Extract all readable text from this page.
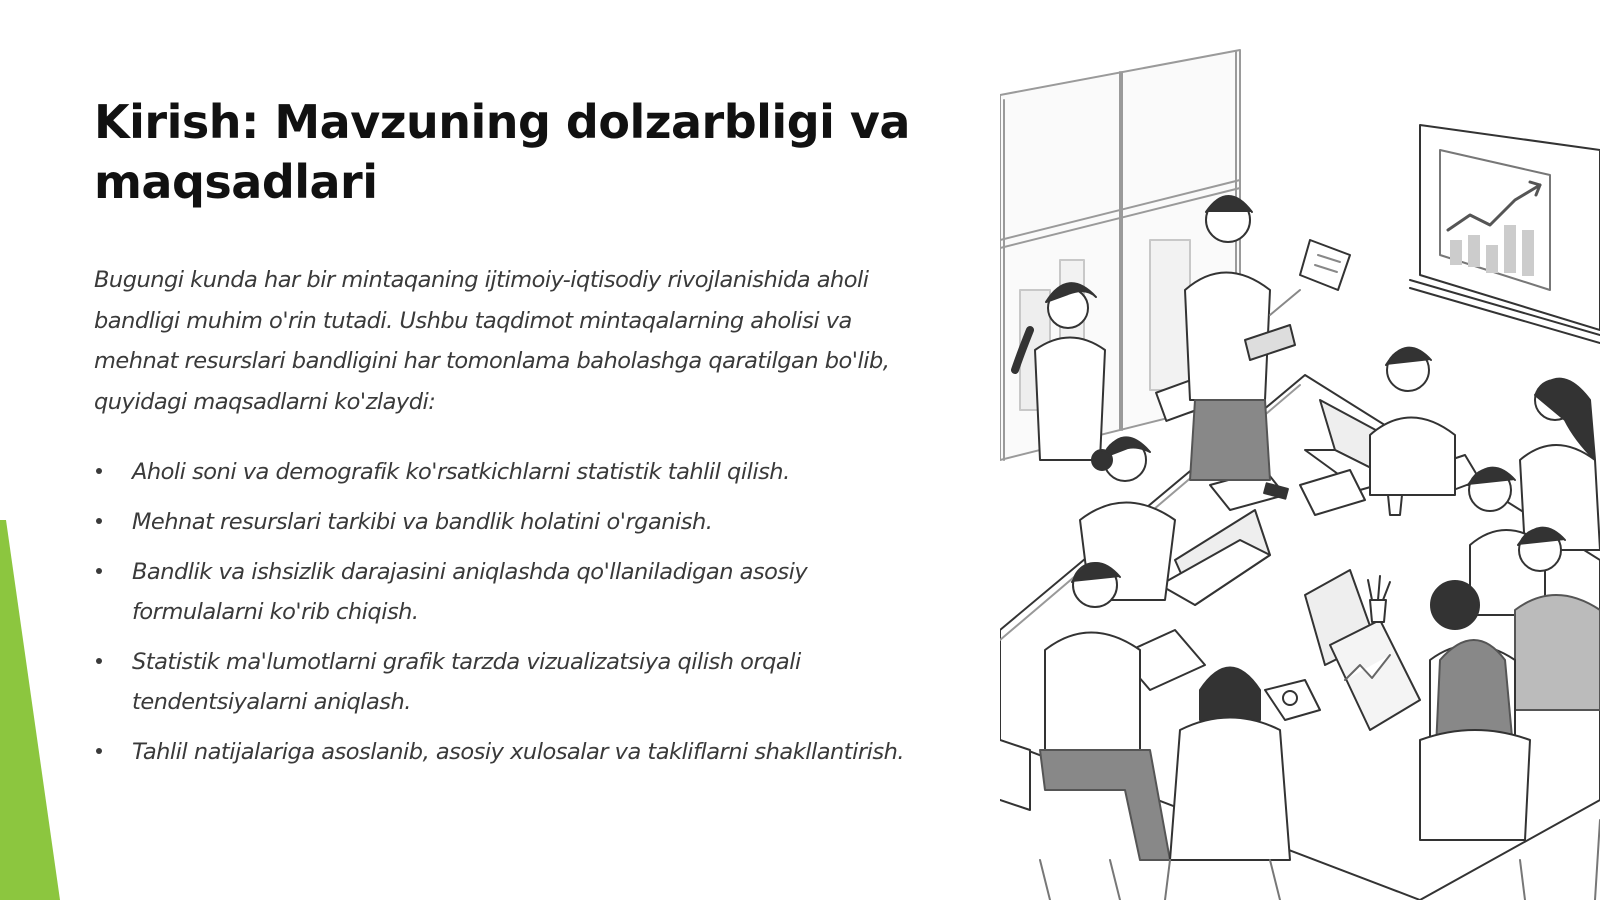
Kirish: Mavzuning dolzarbligi va maqsadlari

Bugungi kunda har bir mintaqaning ijtimoiy-iqtisodiy rivojlanishida aholi bandligi muhim o'rin tutadi. Ushbu taqdimot mintaqalarning aholisi va mehnat resurslari bandligini har tomonlama baholashga qaratilgan bo'lib, quyidagi maqsadlarni ko'zlaydi:

Aholi soni va demografik ko'rsatkichlarni statistik tahlil qilish.
Mehnat resurslari tarkibi va bandlik holatini o'rganish.
Bandlik va ishsizlik darajasini aniqlashda qo'llaniladigan asosiy formulalarni ko'rib chiqish.
Statistik ma'lumotlarni grafik tarzda vizualizatsiya qilish orqali tendentsiyalarni aniqlash.
Tahlil natijalariga asoslanib, asosiy xulosalar va takliflarni shakllantirish.
